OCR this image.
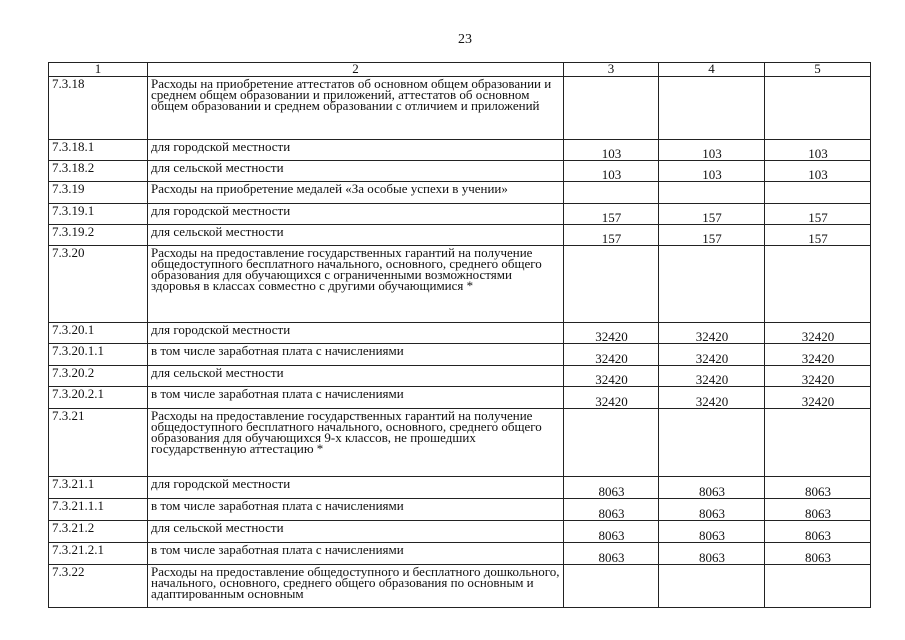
23
1	2	3	4	5
7.3.18	Расходы на приобретение аттестатов об основном общем образовании и среднем общем образовании и приложений, аттестатов об основном общем образовании и среднем образовании с отличием и приложений			
7.3.18.1	для городской местности	103	103	103
7.3.18.2	для сельской местности	103	103	103
7.3.19	Расходы на приобретение медалей «За особые успехи в учении»			
7.3.19.1	для городской местности	157	157	157
7.3.19.2	для сельской местности	157	157	157
7.3.20	Расходы на предоставление государственных гарантий на получение общедоступного бесплатного начального, основного, среднего общего образования для обучающихся с ограниченными возможностями здоровья в классах совместно с другими обучающимися *			
7.3.20.1	для городской местности	32420	32420	32420
7.3.20.1.1	в том числе заработная плата с начислениями	32420	32420	32420
7.3.20.2	для сельской местности	32420	32420	32420
7.3.20.2.1	в том числе заработная плата с начислениями	32420	32420	32420
7.3.21	Расходы на предоставление государственных гарантий на получение общедоступного бесплатного начального, основного, среднего общего образования для обучающихся 9-х классов, не прошедших государственную аттестацию *			
7.3.21.1	для городской местности	8063	8063	8063
7.3.21.1.1	в том числе заработная плата с начислениями	8063	8063	8063
7.3.21.2	для сельской местности	8063	8063	8063
7.3.21.2.1	в том числе заработная плата с начислениями	8063	8063	8063
7.3.22	Расходы на предоставление общедоступного и бесплатного дошкольного, начального, основного, среднего общего образования по основным и адаптированным основным			
